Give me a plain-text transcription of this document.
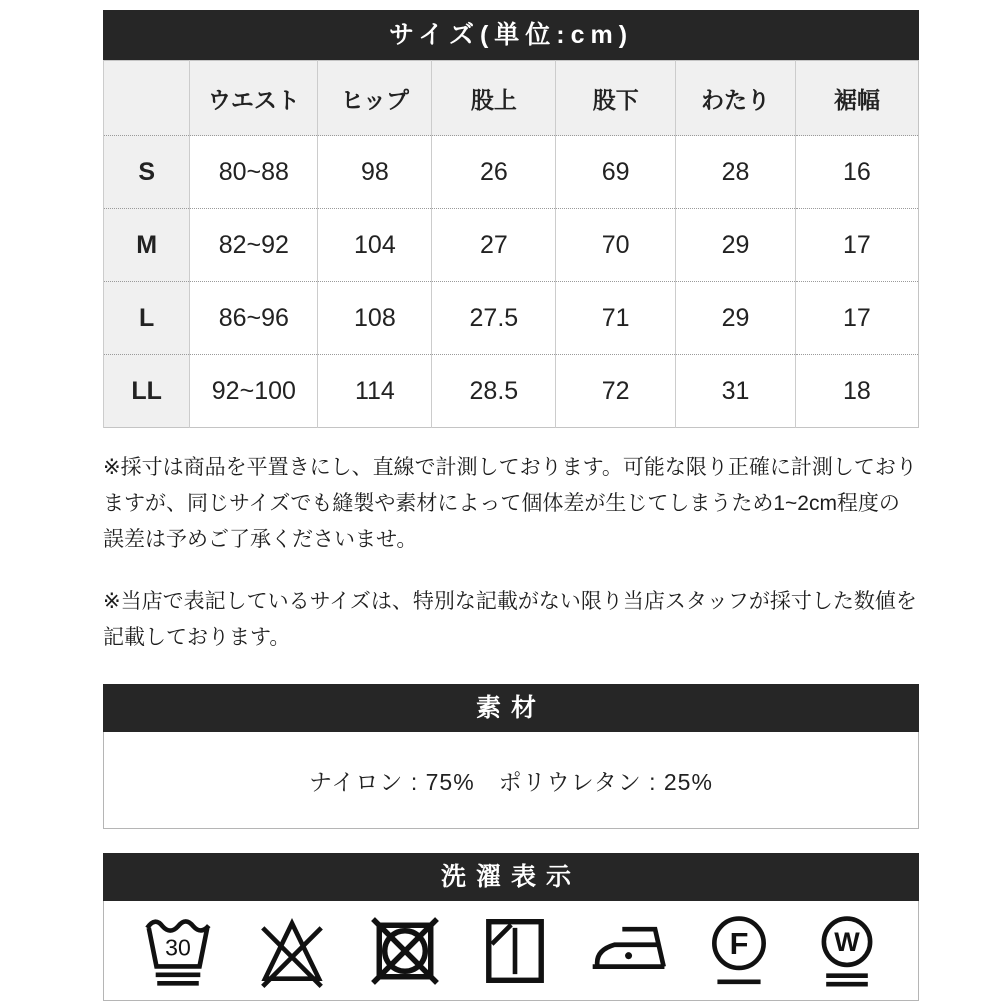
サイズ(単位:cm)
	ウエスト	ヒップ	股上	股下	わたり	裾幅
S	80~88	98	26	69	28	16
M	82~92	104	27	70	29	17
L	86~96	108	27.5	71	29	17
LL	92~100	114	28.5	72	31	18

※採寸は商品を平置きにし、直線で計測しております。可能な限り正確に計測しておりますが、同じサイズでも縫製や素材によって個体差が生じてしまうため1~2cm程度の誤差は予めご了承くださいませ。

※当店で表記しているサイズは、特別な記載がない限り当店スタッフが採寸した数値を記載しております。

素材
ナイロン : 75%　ポリウレタン : 25%
洗濯表示
30	F W
